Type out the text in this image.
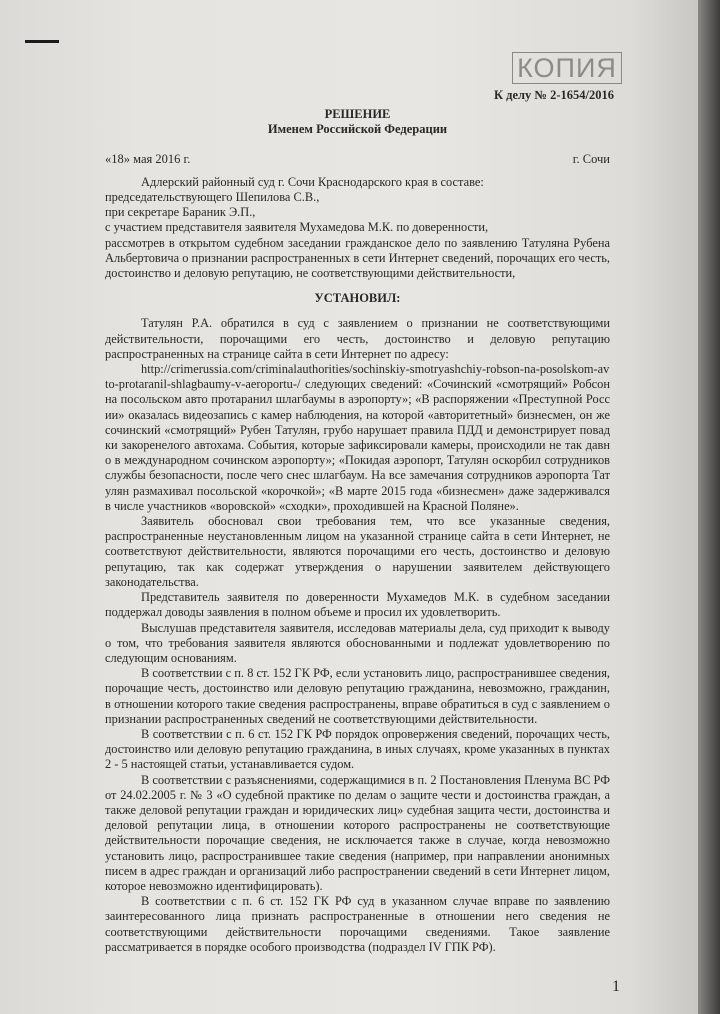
КОПИЯ
К делу № 2-1654/2016
РЕШЕНИЕ
Именем Российской Федерации
«18» мая 2016 г.	г. Сочи

Адлерский районный суд г. Сочи Краснодарского края в составе:

председательствующего Шепилова С.В.,

при секретаре Бараник Э.П.,

с участием представителя заявителя Мухамедова М.К. по доверенности,

рассмотрев в открытом судебном заседании гражданское дело по заявлению Татуляна Рубена Альбертовича о признании распространенных в сети Интернет сведений, порочащих его честь, достоинство и деловую репутацию, не соответствующими действительности,

УСТАНОВИЛ:

Татулян Р.А. обратился в суд с заявлением о признании не соответствующими действительности, порочащими его честь, достоинство и деловую репутацию распространенных на странице сайта в сети Интернет по адресу:

http://crimerussia.com/criminalauthorities/sochinskiy-smotryashchiy-robson-na-posolskom-avto-protaranil-shlagbaumy-v-aeroportu-/ следующих сведений: «Сочинский «смотрящий» Робсон на посольском авто протаранил шлагбаумы в аэропорту»; «В распоряжении «Преступной России» оказалась видеозапись с камер наблюдения, на которой «авторитетный» бизнесмен, он же сочинский «смотрящий» Рубен Татулян, грубо нарушает правила ПДД и демонстрирует повадки закоренелого автохама. События, которые зафиксировали камеры, происходили не так давно в международном сочинском аэропорту»; «Покидая аэропорт, Татулян оскорбил сотрудников службы безопасности, после чего снес шлагбаум. На все замечания сотрудников аэропорта Татулян размахивал посольской «корочкой»; «В марте 2015 года «бизнесмен» даже задерживался в числе участников «воровской» «сходки», проходившей на Красной Поляне».

Заявитель обосновал свои требования тем, что все указанные сведения, распространенные неустановленным лицом на указанной странице сайта в сети Интернет, не соответствуют действительности, являются порочащими его честь, достоинство и деловую репутацию, так как содержат утверждения о нарушении заявителем действующего законодательства.

Представитель заявителя по доверенности Мухамедов М.К. в судебном заседании поддержал доводы заявления в полном объеме и просил их удовлетворить.

Выслушав представителя заявителя, исследовав материалы дела, суд приходит к выводу о том, что требования заявителя являются обоснованными и подлежат удовлетворению по следующим основаниям.

В соответствии с п. 8 ст. 152 ГК РФ, если установить лицо, распространившее сведения, порочащие честь, достоинство или деловую репутацию гражданина, невозможно, гражданин, в отношении которого такие сведения распространены, вправе обратиться в суд с заявлением о признании распространенных сведений не соответствующими действительности.

В соответствии с п. 6 ст. 152 ГК РФ порядок опровержения сведений, порочащих честь, достоинство или деловую репутацию гражданина, в иных случаях, кроме указанных в пунктах 2 - 5 настоящей статьи, устанавливается судом.

В соответствии с разъяснениями, содержащимися в п. 2 Постановления Пленума ВС РФ от 24.02.2005 г. № 3 «О судебной практике по делам о защите чести и достоинства граждан, а также деловой репутации граждан и юридических лиц» судебная защита чести, достоинства и деловой репутации лица, в отношении которого распространены не соответствующие действительности порочащие сведения, не исключается также в случае, когда невозможно установить лицо, распространившее такие сведения (например, при направлении анонимных писем в адрес граждан и организаций либо распространении сведений в сети Интернет лицом, которое невозможно идентифицировать).

В соответствии с п. 6 ст. 152 ГК РФ суд в указанном случае вправе по заявлению заинтересованного лица признать распространенные в отношении него сведения не соответствующими действительности порочащими сведениями. Такое заявление рассматривается в порядке особого производства (подраздел IV ГПК РФ).

1
